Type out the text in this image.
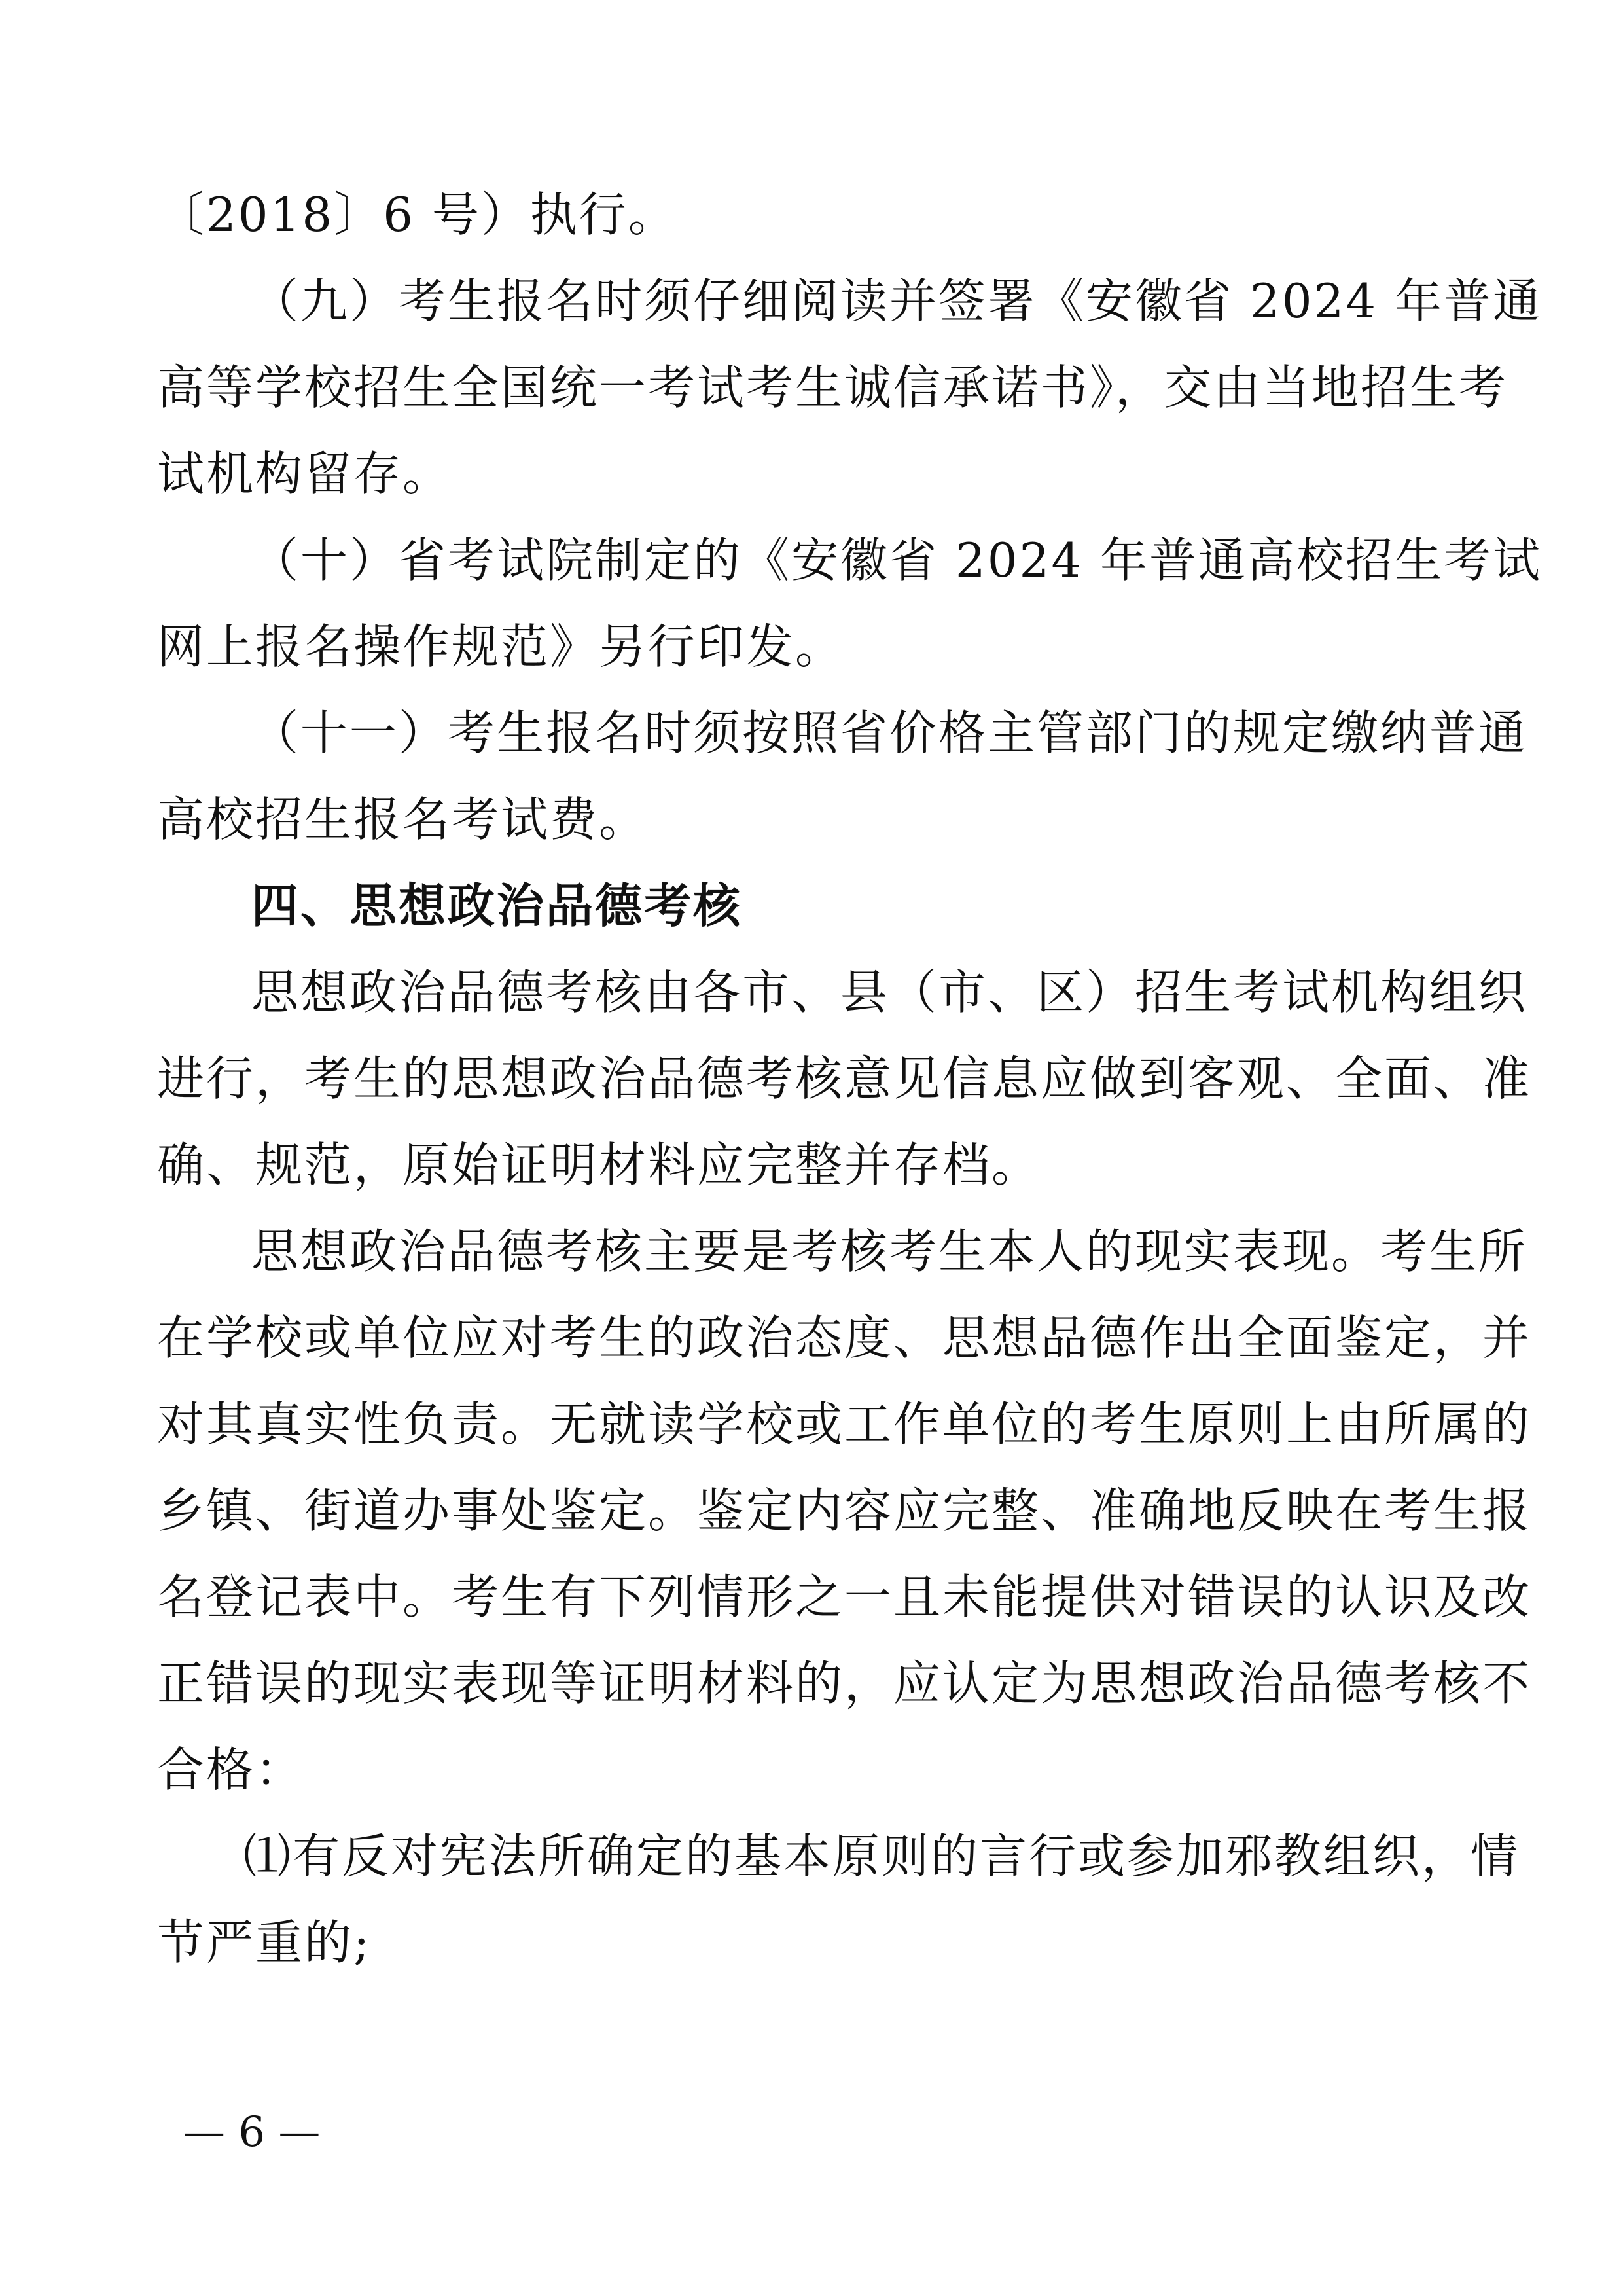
〔2018〕6 号）执行。
（九）考生报名时须仔细阅读并签署《安徽省 2024 年普通
高等学校招生全国统一考试考生诚信承诺书》，交由当地招生考
试机构留存。
（十）省考试院制定的《安徽省 2024 年普通高校招生考试
网上报名操作规范》另行印发。
（十一）考生报名时须按照省价格主管部门的规定缴纳普通
高校招生报名考试费。
四、思想政治品德考核
思想政治品德考核由各市、县（市、区）招生考试机构组织
进行，考生的思想政治品德考核意见信息应做到客观、全面、准
确、规范，原始证明材料应完整并存档。
思想政治品德考核主要是考核考生本人的现实表现。考生所
在学校或单位应对考生的政治态度、思想品德作出全面鉴定，并
对其真实性负责。无就读学校或工作单位的考生原则上由所属的
乡镇、街道办事处鉴定。鉴定内容应完整、准确地反映在考生报
名登记表中。考生有下列情形之一且未能提供对错误的认识及改
正错误的现实表现等证明材料的，应认定为思想政治品德考核不
合格：
⑴有反对宪法所确定的基本原则的言行或参加邪教组织，情
节严重的;
— 6 —
